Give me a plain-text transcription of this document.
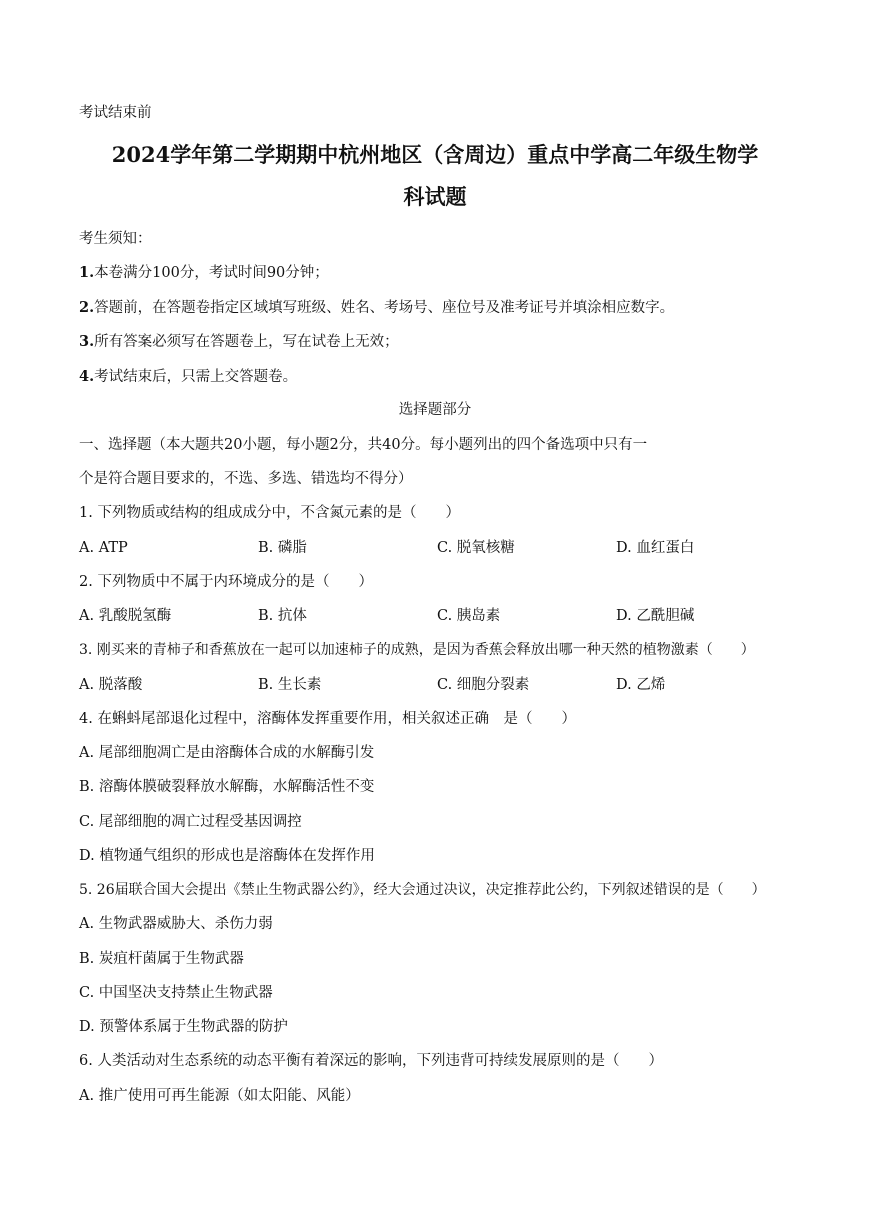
考试结束前
2024学年第二学期期中杭州地区（含周边）重点中学高二年级生物学
科试题
考生须知：
1.本卷满分100分，考试时间90分钟；
2.答题前，在答题卷指定区域填写班级、姓名、考场号、座位号及准考证号并填涂相应数字。
3.所有答案必须写在答题卷上，写在试卷上无效；
4.考试结束后，只需上交答题卷。
选择题部分
一、选择题（本大题共20小题，每小题2分，共40分。每小题列出的四个备选项中只有一
个是符合题目要求的，不选、多选、错选均不得分）
1. 下列物质或结构的组成成分中，不含氮元素的是（　　）
A. ATP	B. 磷脂	C. 脱氧核糖	D. 血红蛋白
2. 下列物质中不属于内环境成分的是（　　）
A. 乳酸脱氢酶	B. 抗体	C. 胰岛素	D. 乙酰胆碱
3. 刚买来的青柿子和香蕉放在一起可以加速柿子的成熟，是因为香蕉会释放出哪一种天然的植物激素（　　）
A. 脱落酸	B. 生长素	C. 细胞分裂素	D. 乙烯
4. 在蝌蚪尾部退化过程中，溶酶体发挥重要作用，相关叙述正确　是（　　）
A. 尾部细胞凋亡是由溶酶体合成的水解酶引发
B. 溶酶体膜破裂释放水解酶，水解酶活性不变
C. 尾部细胞的凋亡过程受基因调控
D. 植物通气组织的形成也是溶酶体在发挥作用
5. 26届联合国大会提出《禁止生物武器公约》，经大会通过决议，决定推荐此公约，下列叙述错误的是（　　）
A. 生物武器威胁大、杀伤力弱
B. 炭疽杆菌属于生物武器
C. 中国坚决支持禁止生物武器
D. 预警体系属于生物武器的防护
6. 人类活动对生态系统的动态平衡有着深远的影响，下列违背可持续发展原则的是（　　）
A. 推广使用可再生能源（如太阳能、风能）
